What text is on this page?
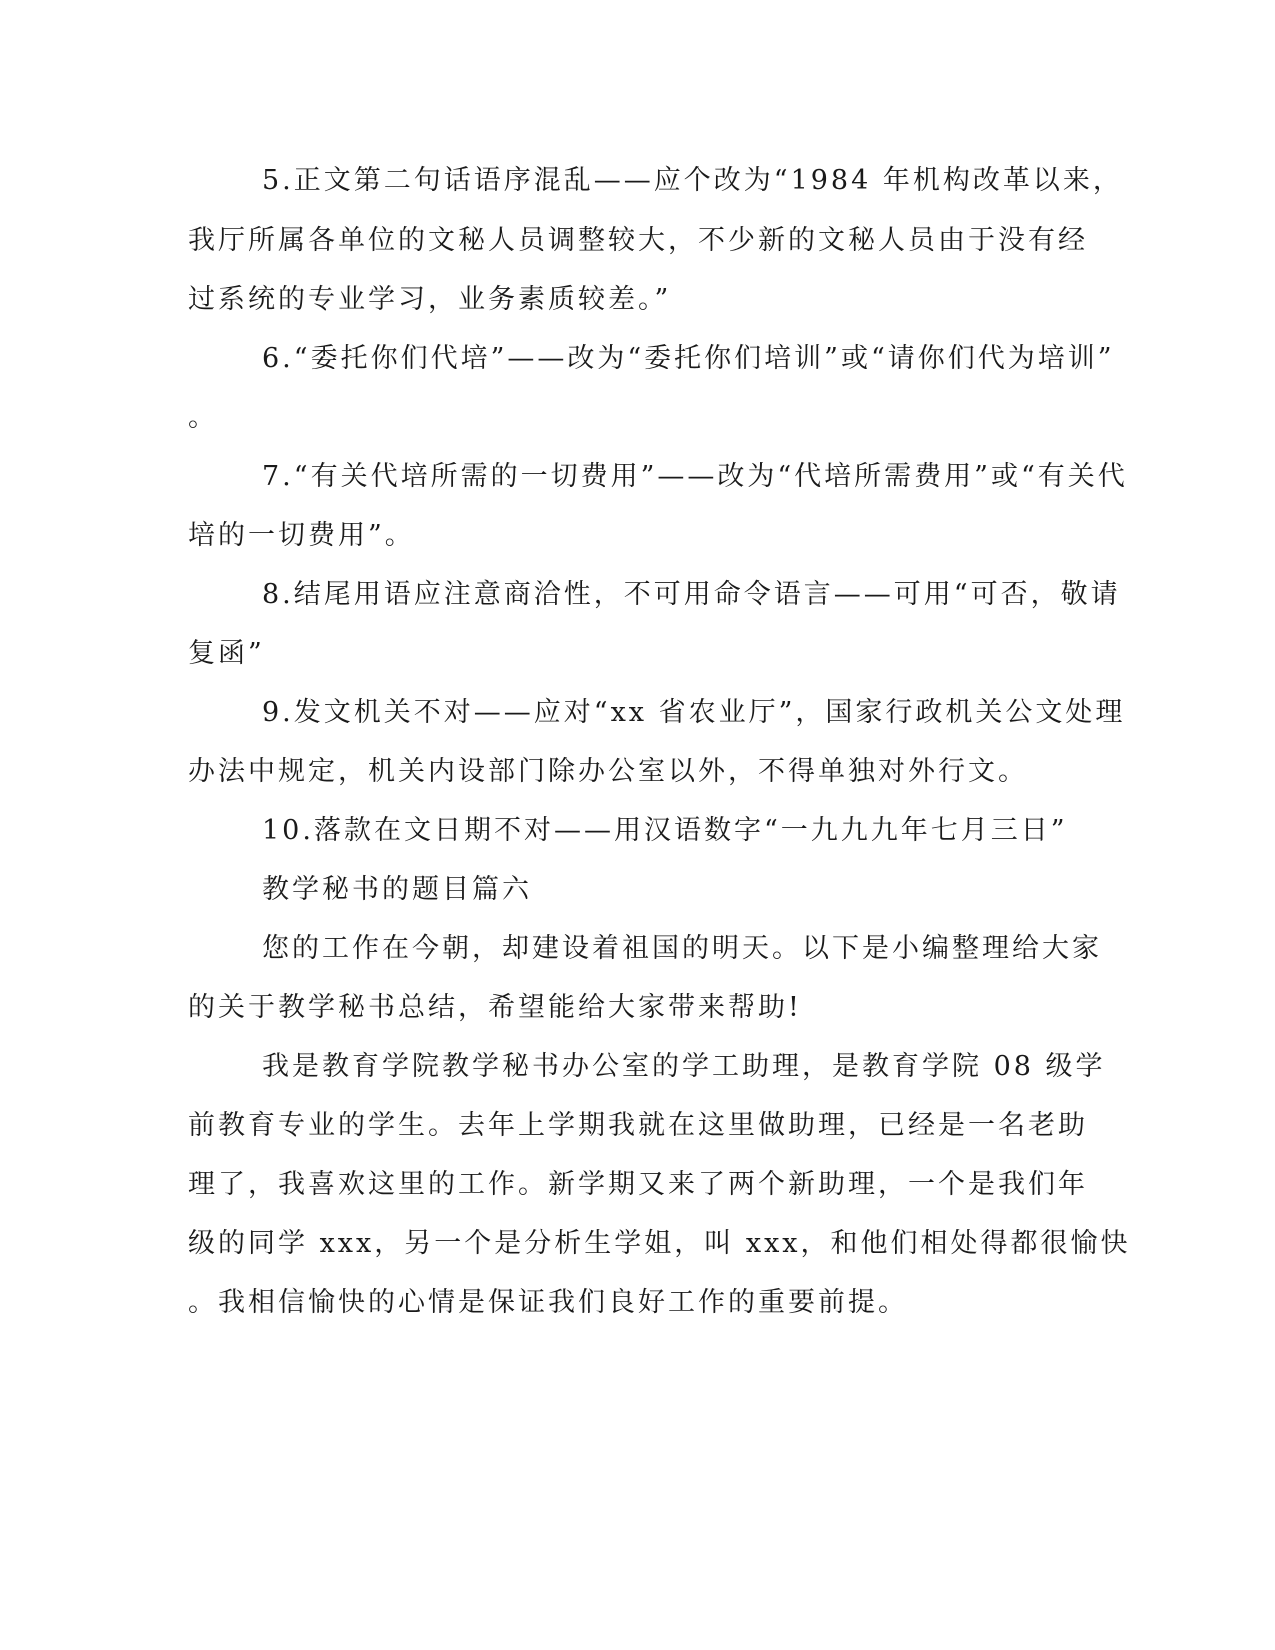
5.正文第二句话语序混乱——应个改为“1984 年机构改革以来，
我厅所属各单位的文秘人员调整较大，不少新的文秘人员由于没有经
过系统的专业学习，业务素质较差。”
6.“委托你们代培”——改为“委托你们培训”或“请你们代为培训”
。
7.“有关代培所需的一切费用”——改为“代培所需费用”或“有关代
培的一切费用”。
8.结尾用语应注意商洽性，不可用命令语言——可用“可否，敬请
复函”
9.发文机关不对——应对“xx 省农业厅”，国家行政机关公文处理
办法中规定，机关内设部门除办公室以外，不得单独对外行文。
10.落款在文日期不对——用汉语数字“一九九九年七月三日”
教学秘书的题目篇六
您的工作在今朝，却建设着祖国的明天。以下是小编整理给大家
的关于教学秘书总结，希望能给大家带来帮助!
我是教育学院教学秘书办公室的学工助理，是教育学院 08 级学
前教育专业的学生。去年上学期我就在这里做助理，已经是一名老助
理了，我喜欢这里的工作。新学期又来了两个新助理，一个是我们年
级的同学 xxx，另一个是分析生学姐，叫 xxx，和他们相处得都很愉快
。我相信愉快的心情是保证我们良好工作的重要前提。
